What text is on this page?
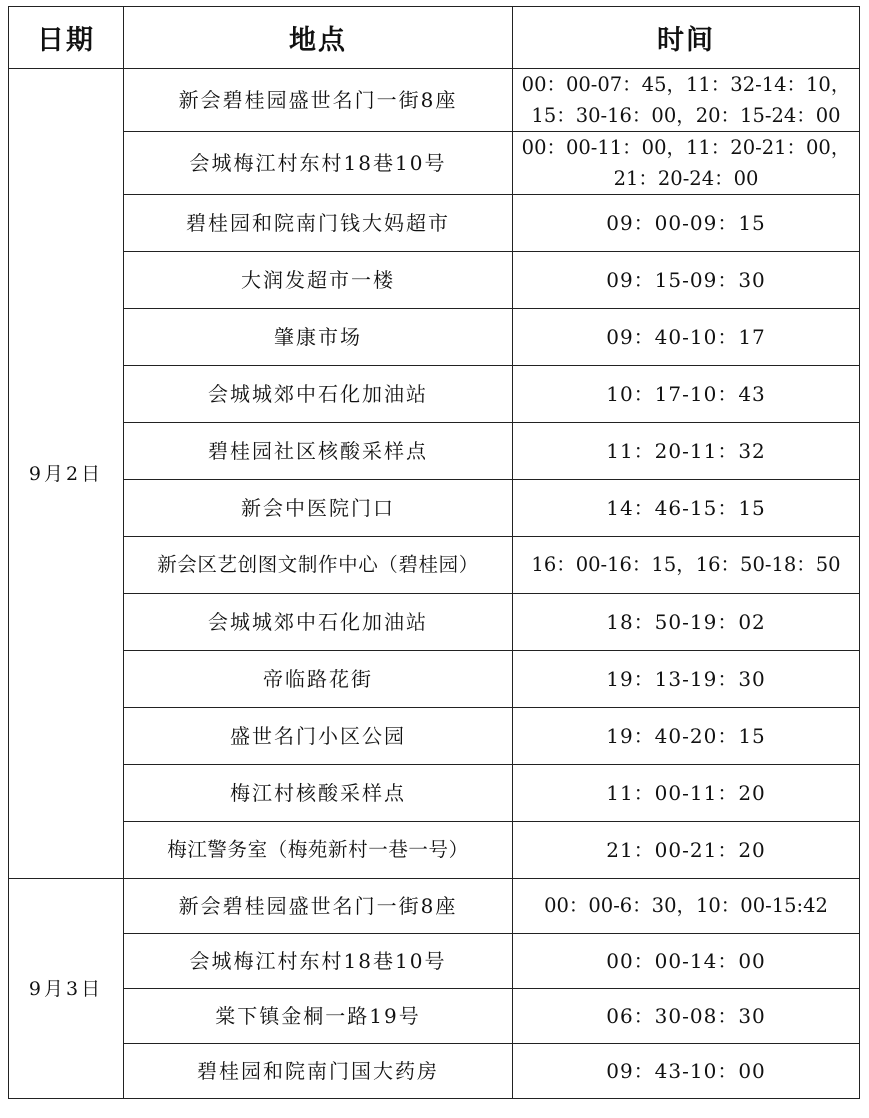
日期	地点	时间
9月2日	新会碧桂园盛世名门一街8座	00：00-07：45，11：32-14：10，
15：30-16：00，20：15-24：00
	会城梅江村东村18巷10号	00：00-11：00，11：20-21：00，
21：20-24：00
	碧桂园和院南门钱大妈超市	09：00-09：15
	大润发超市一楼	09：15-09：30
	肇康市场	09：40-10：17
	会城城郊中石化加油站	10：17-10：43
	碧桂园社区核酸采样点	11：20-11：32
	新会中医院门口	14：46-15：15
	新会区艺创图文制作中心（碧桂园）	16：00-16：15，16：50-18：50
	会城城郊中石化加油站	18：50-19：02
	帝临路花街	19：13-19：30
	盛世名门小区公园	19：40-20：15
	梅江村核酸采样点	11：00-11：20
	梅江警务室（梅苑新村一巷一号）	21：00-21：20
9月3日	新会碧桂园盛世名门一街8座	00：00-6：30，10：00-15:42
	会城梅江村东村18巷10号	00：00-14：00
	棠下镇金桐一路19号	06：30-08：30
	碧桂园和院南门国大药房	09：43-10：00
